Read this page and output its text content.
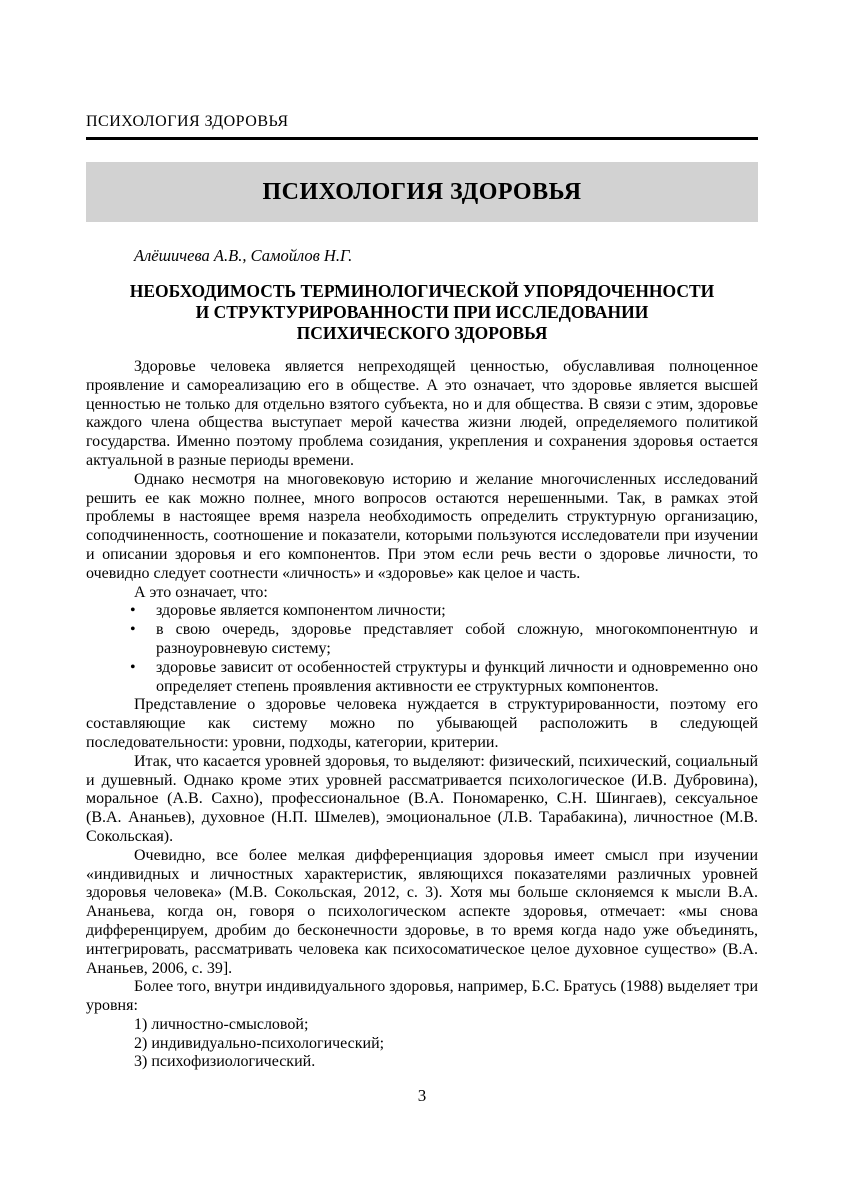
ПСИХОЛОГИЯ ЗДОРОВЬЯ
ПСИХОЛОГИЯ ЗДОРОВЬЯ
Алёшичева А.В., Самойлов Н.Г.
НЕОБХОДИМОСТЬ ТЕРМИНОЛОГИЧЕСКОЙ УПОРЯДОЧЕННОСТИ
И СТРУКТУРИРОВАННОСТИ ПРИ ИССЛЕДОВАНИИ
ПСИХИЧЕСКОГО ЗДОРОВЬЯ

Здоровье человека является непреходящей ценностью, обуславливая полноценное проявление и самореализацию его в обществе. А это означает, что здоровье является высшей ценностью не только для отдельно взятого субъекта, но и для общества. В связи с этим, здоровье каждого члена общества выступает мерой качества жизни людей, определяемого политикой государства. Именно поэтому проблема созидания, укрепления и сохранения здоровья остается актуальной в разные периоды времени.

Однако несмотря на многовековую историю и желание многочисленных исследований решить ее как можно полнее, много вопросов остаются нерешенными. Так, в рамках этой проблемы в настоящее время назрела необходимость определить структурную организацию, соподчиненность, соотношение и показатели, которыми пользуются исследователи при изучении и описании здоровья и его компонентов. При этом если речь вести о здоровье личности, то очевидно следует соотнести «личность» и «здоровье» как целое и часть.

А это означает, что:

• здоровье является компонентом личности;
• в свою очередь, здоровье представляет собой сложную, многокомпонентную и разноуровневую систему;
• здоровье зависит от особенностей структуры и функций личности и одновременно оно определяет степень проявления активности ее структурных компонентов.

Представление о здоровье человека нуждается в структурированности, поэтому его составляющие как систему можно по убывающей расположить в следующей последовательности: уровни, подходы, категории, критерии.

Итак, что касается уровней здоровья, то выделяют: физический, психический, социальный и душевный. Однако кроме этих уровней рассматривается психологическое (И.В. Дубровина), моральное (А.В. Сахно), профессиональное (В.А. Пономаренко, С.Н. Шингаев), сексуальное (В.А. Ананьев), духовное (Н.П. Шмелев), эмоциональное (Л.В. Тарабакина), личностное (М.В. Сокольская).

Очевидно, все более мелкая дифференциация здоровья имеет смысл при изучении «индивидных и личностных характеристик, являющихся показателями различных уровней здоровья человека» (М.В. Сокольская, 2012, с. 3). Хотя мы больше склоняемся к мысли В.А. Ананьева, когда он, говоря о психологическом аспекте здоровья, отмечает: «мы снова дифференцируем, дробим до бесконечности здоровье, в то время когда надо уже объединять, интегрировать, рассматривать человека как психосоматическое целое духовное существо» (В.А. Ананьев, 2006, с. 39].

Более того, внутри индивидуального здоровья, например, Б.С. Братусь (1988) выделяет три уровня:

1) личностно-смысловой;

2) индивидуально-психологический;

3) психофизиологический.

3
